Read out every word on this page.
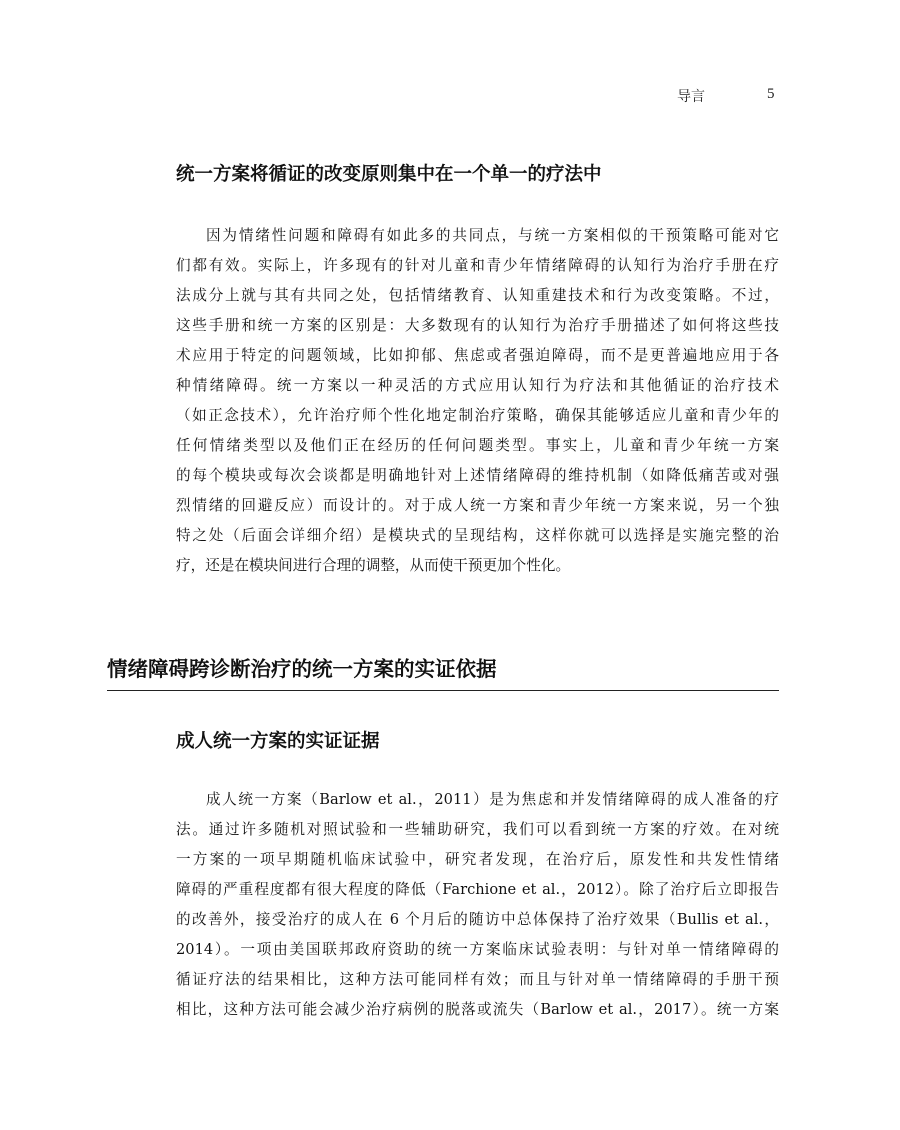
导言	5
统一方案将循证的改变原则集中在一个单一的疗法中
因为情绪性问题和障碍有如此多的共同点，与统一方案相似的干预策略可能对它
们都有效。实际上，许多现有的针对儿童和青少年情绪障碍的认知行为治疗手册在疗
法成分上就与其有共同之处，包括情绪教育、认知重建技术和行为改变策略。不过，
这些手册和统一方案的区别是：大多数现有的认知行为治疗手册描述了如何将这些技
术应用于特定的问题领域，比如抑郁、焦虑或者强迫障碍，而不是更普遍地应用于各
种情绪障碍。统一方案以一种灵活的方式应用认知行为疗法和其他循证的治疗技术
（如正念技术），允许治疗师个性化地定制治疗策略，确保其能够适应儿童和青少年的
任何情绪类型以及他们正在经历的任何问题类型。事实上，儿童和青少年统一方案
的每个模块或每次会谈都是明确地针对上述情绪障碍的维持机制（如降低痛苦或对强
烈情绪的回避反应）而设计的。对于成人统一方案和青少年统一方案来说，另一个独
特之处（后面会详细介绍）是模块式的呈现结构，这样你就可以选择是实施完整的治
疗，还是在模块间进行合理的调整，从而使干预更加个性化。
情绪障碍跨诊断治疗的统一方案的实证依据
成人统一方案的实证证据
成人统一方案（Barlow et al.，2011）是为焦虑和并发情绪障碍的成人准备的疗
法。通过许多随机对照试验和一些辅助研究，我们可以看到统一方案的疗效。在对统
一方案的一项早期随机临床试验中，研究者发现，在治疗后，原发性和共发性情绪
障碍的严重程度都有很大程度的降低（Farchione et al.，2012）。除了治疗后立即报告
的改善外，接受治疗的成人在 6 个月后的随访中总体保持了治疗效果（Bullis et al.，
2014）。一项由美国联邦政府资助的统一方案临床试验表明：与针对单一情绪障碍的
循证疗法的结果相比，这种方法可能同样有效；而且与针对单一情绪障碍的手册干预
相比，这种方法可能会减少治疗病例的脱落或流失（Barlow et al.，2017）。统一方案
